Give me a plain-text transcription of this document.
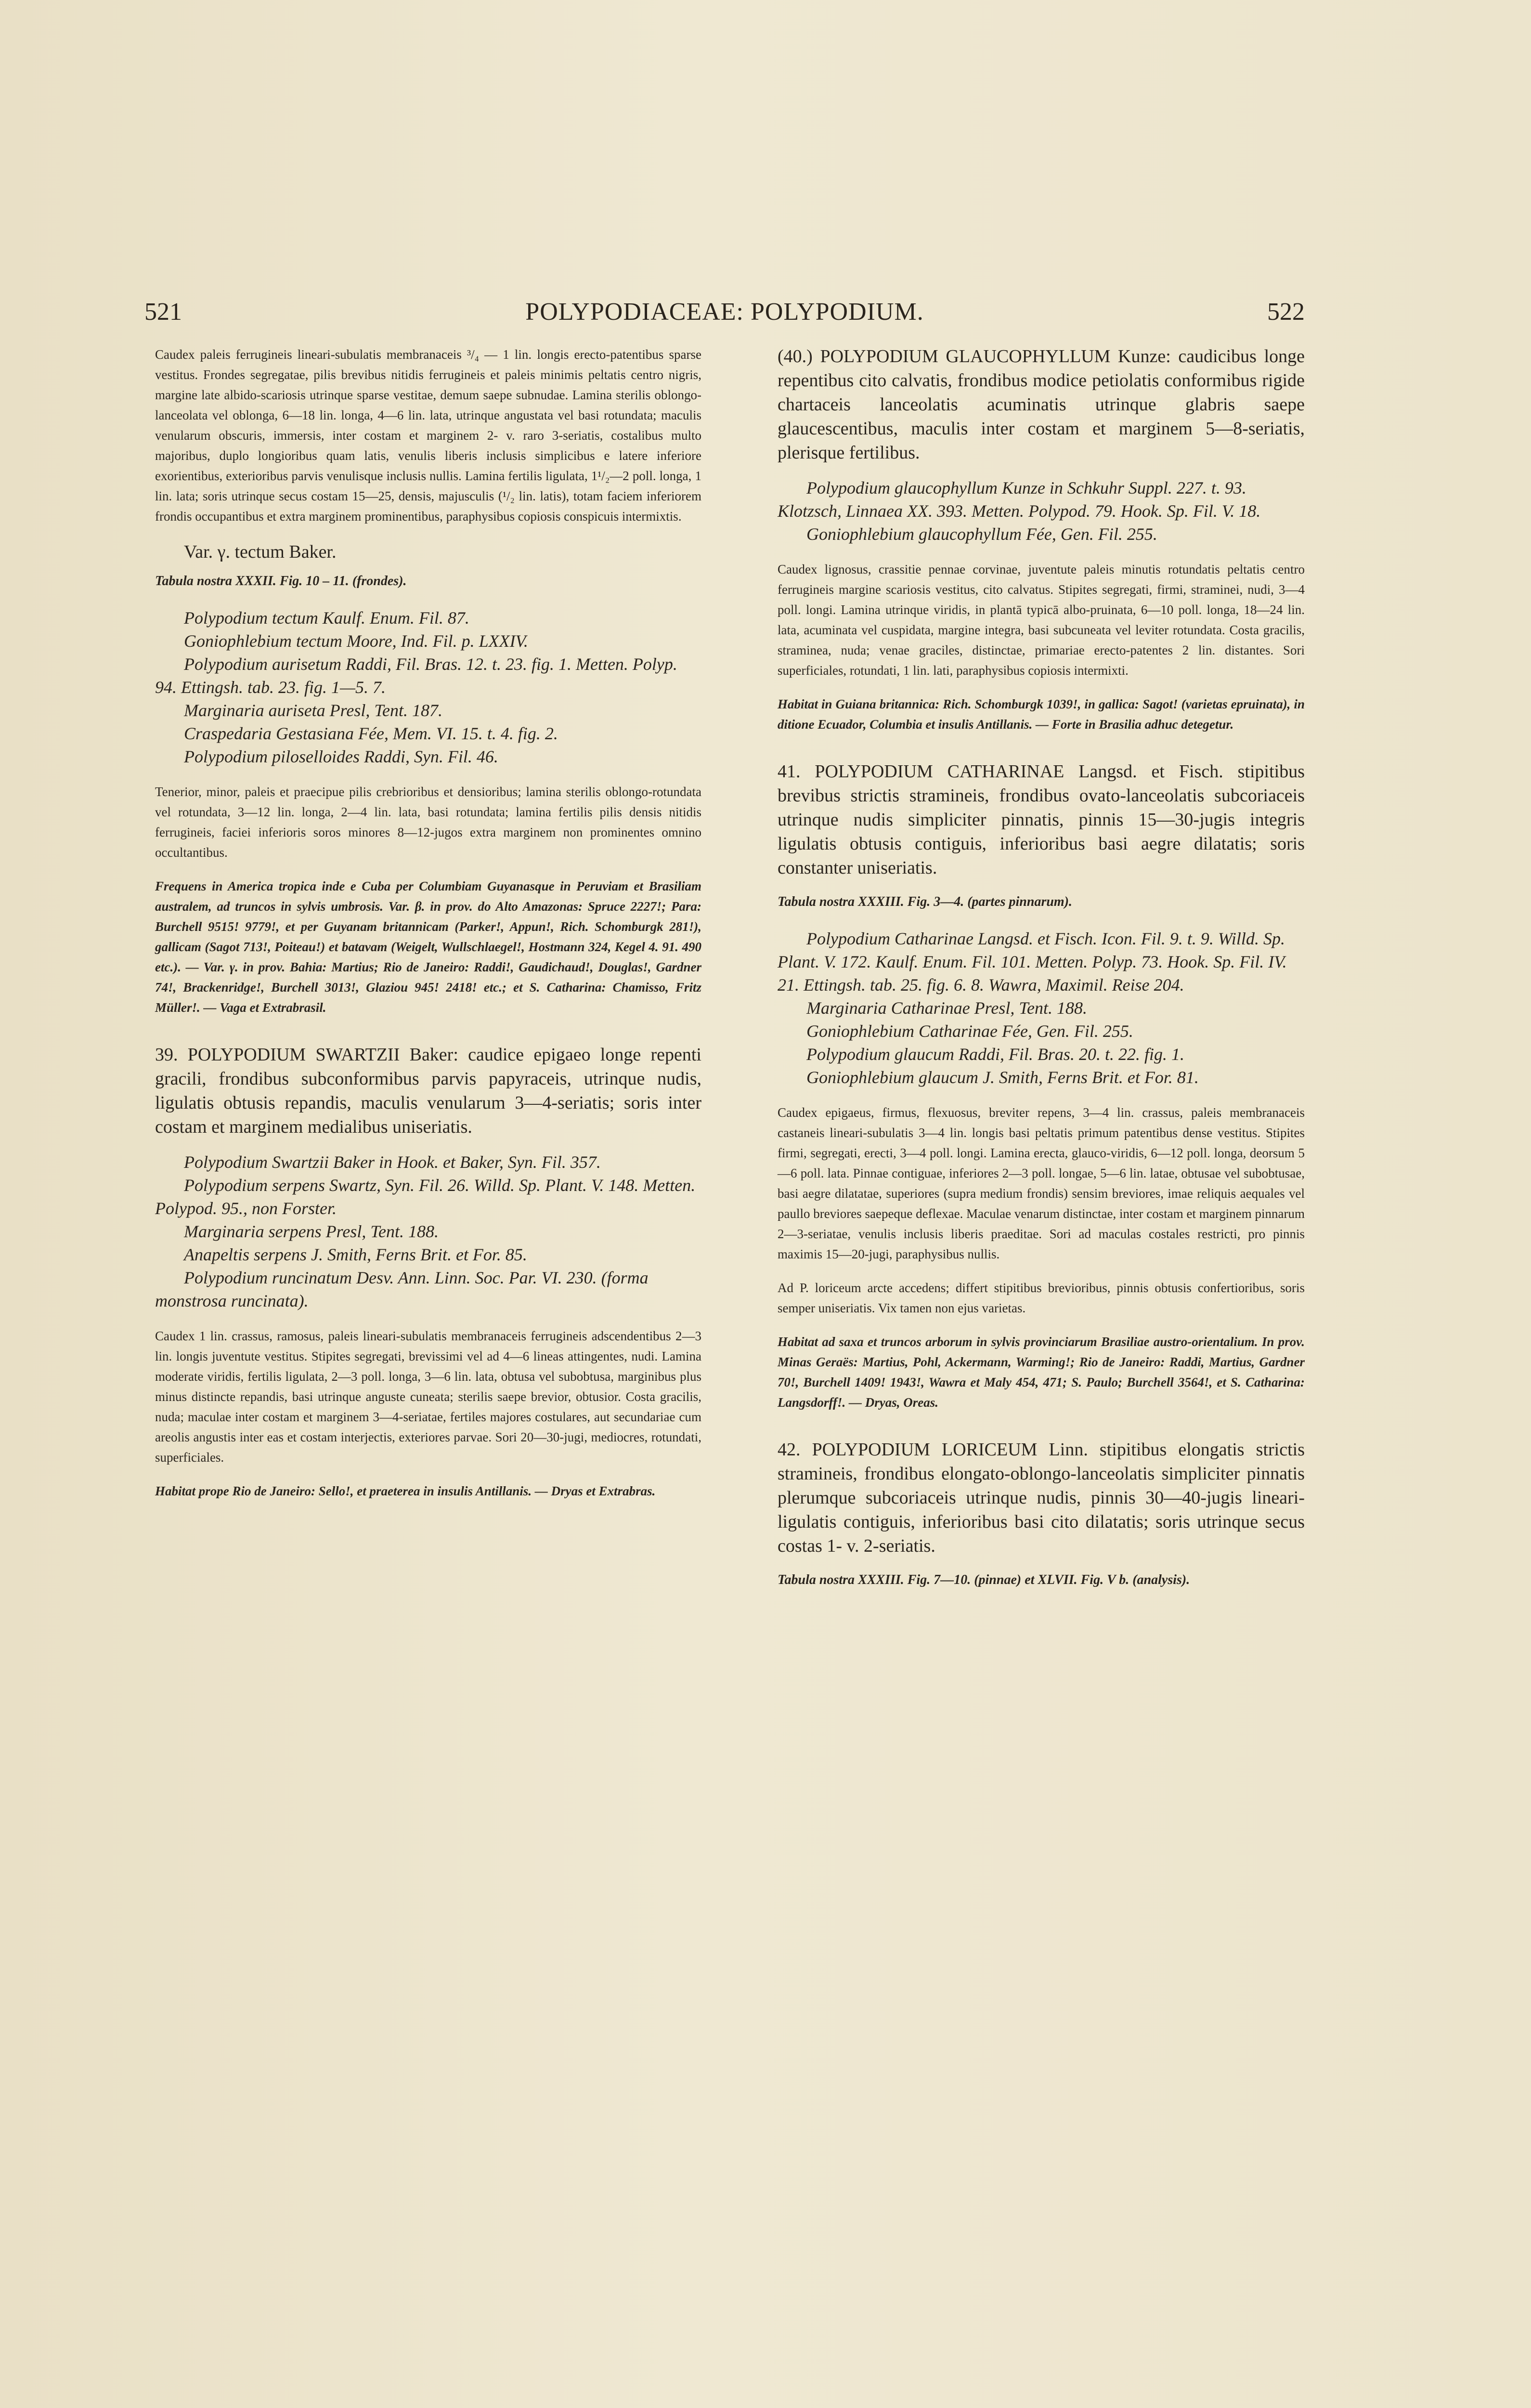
521	POLYPODIACEAE: POLYPODIUM.	522

Caudex paleis ferrugineis lineari-subulatis membranaceis ³/₄ — 1 lin. longis erecto-patentibus sparse vestitus. Frondes segregatae, pilis brevibus nitidis ferrugineis et paleis minimis peltatis centro nigris, margine late albido-scariosis utrinque sparse vestitae, demum saepe subnudae. Lamina sterilis oblongo-lanceolata vel oblonga, 6—18 lin. longa, 4—6 lin. lata, utrinque angustata vel basi rotundata; maculis venularum obscuris, immersis, inter costam et marginem 2- v. raro 3-seriatis, costalibus multo majoribus, duplo longioribus quam latis, venulis liberis inclusis simplicibus e latere inferiore exorientibus, exterioribus parvis venulisque inclusis nullis. Lamina fertilis ligulata, 1¹/₂—2 poll. longa, 1 lin. lata; soris utrinque secus costam 15—25, densis, majusculis (¹/₂ lin. latis), totam faciem inferiorem frondis occupantibus et extra marginem prominentibus, paraphysibus copiosis conspicuis intermixtis.

Var. γ. tectum Baker.

Tabula nostra XXXII. Fig. 10 – 11. (frondes).

Polypodium tectum Kaulf. Enum. Fil. 87.
Goniophlebium tectum Moore, Ind. Fil. p. LXXIV.
Polypodium aurisetum Raddi, Fil. Bras. 12. t. 23. fig. 1. Metten. Polyp. 94. Ettingsh. tab. 23. fig. 1—5. 7.
Marginaria auriseta Presl, Tent. 187.
Craspedaria Gestasiana Fée, Mem. VI. 15. t. 4. fig. 2.
Polypodium piloselloides Raddi, Syn. Fil. 46.

Tenerior, minor, paleis et praecipue pilis crebrioribus et densioribus; lamina sterilis oblongo-rotundata vel rotundata, 3—12 lin. longa, 2—4 lin. lata, basi rotundata; lamina fertilis pilis densis nitidis ferrugineis, faciei inferioris soros minores 8—12-jugos extra marginem non prominentes omnino occultantibus.

Frequens in America tropica inde e Cuba per Columbiam Guyanasque in Peruviam et Brasiliam australem, ad truncos in sylvis umbrosis. Var. β. in prov. do Alto Amazonas: Spruce 2227!; Para: Burchell 9515! 9779!, et per Guyanam britannicam (Parker!, Appun!, Rich. Schomburgk 281!), gallicam (Sagot 713!, Poiteau!) et batavam (Weigelt, Wullschlaegel!, Hostmann 324, Kegel 4. 91. 490 etc.). — Var. γ. in prov. Bahia: Martius; Rio de Janeiro: Raddi!, Gaudichaud!, Douglas!, Gardner 74!, Brackenridge!, Burchell 3013!, Glaziou 945! 2418! etc.; et S. Catharina: Chamisso, Fritz Müller!. — Vaga et Extrabrasil.

39. POLYPODIUM SWARTZII Baker: caudice epigaeo longe repenti gracili, frondibus subconformibus parvis papyraceis, utrinque nudis, ligulatis obtusis repandis, maculis venularum 3—4-seriatis; soris inter costam et marginem medialibus uniseriatis.

Polypodium Swartzii Baker in Hook. et Baker, Syn. Fil. 357.
Polypodium serpens Swartz, Syn. Fil. 26. Willd. Sp. Plant. V. 148. Metten. Polypod. 95., non Forster.
Marginaria serpens Presl, Tent. 188.
Anapeltis serpens J. Smith, Ferns Brit. et For. 85.
Polypodium runcinatum Desv. Ann. Linn. Soc. Par. VI. 230. (forma monstrosa runcinata).

Caudex 1 lin. crassus, ramosus, paleis lineari-subulatis membranaceis ferrugineis adscendentibus 2—3 lin. longis juventute vestitus. Stipites segregati, brevissimi vel ad 4—6 lineas attingentes, nudi. Lamina moderate viridis, fertilis ligulata, 2—3 poll. longa, 3—6 lin. lata, obtusa vel subobtusa, marginibus plus minus distincte repandis, basi utrinque anguste cuneata; sterilis saepe brevior, obtusior. Costa gracilis, nuda; maculae inter costam et marginem 3—4-seriatae, fertiles majores costulares, aut secundariae cum areolis angustis inter eas et costam interjectis, exteriores parvae. Sori 20—30-jugi, mediocres, rotundati, superficiales.

Habitat prope Rio de Janeiro: Sello!, et praeterea in insulis Antillanis. — Dryas et Extrabras.

(40.) POLYPODIUM GLAUCOPHYLLUM Kunze: caudicibus longe repentibus cito calvatis, frondibus modice petiolatis conformibus rigide chartaceis lanceolatis acuminatis utrinque glabris saepe glaucescentibus, maculis inter costam et marginem 5—8-seriatis, plerisque fertilibus.

Polypodium glaucophyllum Kunze in Schkuhr Suppl. 227. t. 93. Klotzsch, Linnaea XX. 393. Metten. Polypod. 79. Hook. Sp. Fil. V. 18.
Goniophlebium glaucophyllum Fée, Gen. Fil. 255.

Caudex lignosus, crassitie pennae corvinae, juventute paleis minutis rotundatis peltatis centro ferrugineis margine scariosis vestitus, cito calvatus. Stipites segregati, firmi, straminei, nudi, 3—4 poll. longi. Lamina utrinque viridis, in plantā typicā albo-pruinata, 6—10 poll. longa, 18—24 lin. lata, acuminata vel cuspidata, margine integra, basi subcuneata vel leviter rotundata. Costa gracilis, straminea, nuda; venae graciles, distinctae, primariae erecto-patentes 2 lin. distantes. Sori superficiales, rotundati, 1 lin. lati, paraphysibus copiosis intermixti.

Habitat in Guiana britannica: Rich. Schomburgk 1039!, in gallica: Sagot! (varietas epruinata), in ditione Ecuador, Columbia et insulis Antillanis. — Forte in Brasilia adhuc detegetur.

41. POLYPODIUM CATHARINAE Langsd. et Fisch. stipitibus brevibus strictis stramineis, frondibus ovato-lanceolatis subcoriaceis utrinque nudis simpliciter pinnatis, pinnis 15—30-jugis integris ligulatis obtusis contiguis, inferioribus basi aegre dilatatis; soris constanter uniseriatis.

Tabula nostra XXXIII. Fig. 3—4. (partes pinnarum).

Polypodium Catharinae Langsd. et Fisch. Icon. Fil. 9. t. 9. Willd. Sp. Plant. V. 172. Kaulf. Enum. Fil. 101. Metten. Polyp. 73. Hook. Sp. Fil. IV. 21. Ettingsh. tab. 25. fig. 6. 8. Wawra, Maximil. Reise 204.
Marginaria Catharinae Presl, Tent. 188.
Goniophlebium Catharinae Fée, Gen. Fil. 255.
Polypodium glaucum Raddi, Fil. Bras. 20. t. 22. fig. 1.
Goniophlebium glaucum J. Smith, Ferns Brit. et For. 81.

Caudex epigaeus, firmus, flexuosus, breviter repens, 3—4 lin. crassus, paleis membranaceis castaneis lineari-subulatis 3—4 lin. longis basi peltatis primum patentibus dense vestitus. Stipites firmi, segregati, erecti, 3—4 poll. longi. Lamina erecta, glauco-viridis, 6—12 poll. longa, deorsum 5—6 poll. lata. Pinnae contiguae, inferiores 2—3 poll. longae, 5—6 lin. latae, obtusae vel subobtusae, basi aegre dilatatae, superiores (supra medium frondis) sensim breviores, imae reliquis aequales vel paullo breviores saepeque deflexae. Maculae venarum distinctae, inter costam et marginem pinnarum 2—3-seriatae, venulis inclusis liberis praeditae. Sori ad maculas costales restricti, pro pinnis maximis 15—20-jugi, paraphysibus nullis.

Ad P. loriceum arcte accedens; differt stipitibus brevioribus, pinnis obtusis confertioribus, soris semper uniseriatis. Vix tamen non ejus varietas.

Habitat ad saxa et truncos arborum in sylvis provinciarum Brasiliae austro-orientalium. In prov. Minas Geraës: Martius, Pohl, Ackermann, Warming!; Rio de Janeiro: Raddi, Martius, Gardner 70!, Burchell 1409! 1943!, Wawra et Maly 454, 471; S. Paulo; Burchell 3564!, et S. Catharina: Langsdorff!. — Dryas, Oreas.

42. POLYPODIUM LORICEUM Linn. stipitibus elongatis strictis stramineis, frondibus elongato-oblongo-lanceolatis simpliciter pinnatis plerumque subcoriaceis utrinque nudis, pinnis 30—40-jugis lineari-ligulatis contiguis, inferioribus basi cito dilatatis; soris utrinque secus costas 1- v. 2-seriatis.

Tabula nostra XXXIII. Fig. 7—10. (pinnae) et XLVII. Fig. V b. (analysis).
